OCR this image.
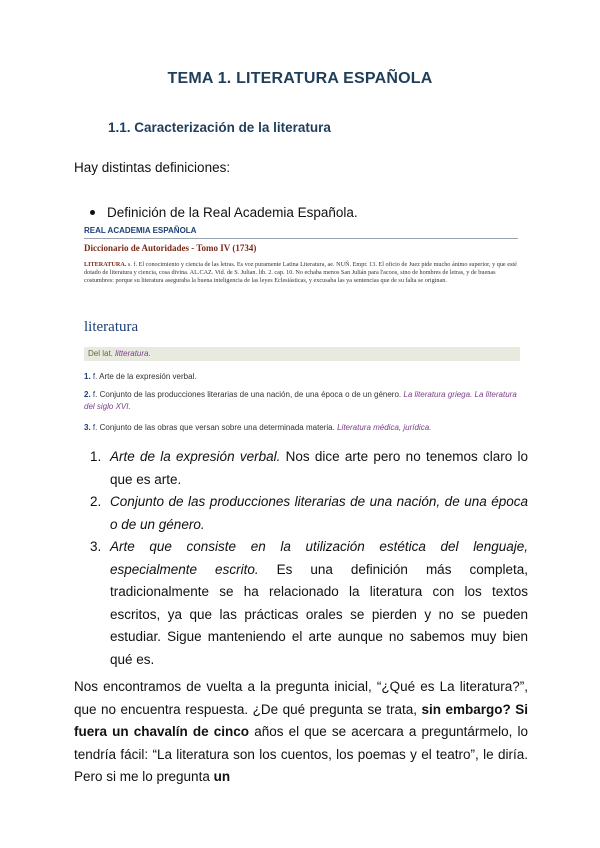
TEMA 1. LITERATURA ESPAÑOLA
1.1. Caracterización de la literatura
Hay distintas definiciones:
Definición de la Real Academia Española.
REAL ACADEMIA ESPAÑOLA
Diccionario de Autoridades - Tomo IV (1734)
LITERATURA. s. f. El conocimiento y ciencia de las letras. Es voz puramente Latina Literatura, ae. NUÑ. Empr. 13. El oficio de Juez pide mucho ánimo superior, y que esté dotado de literatura y ciencia, cosa divina. AL.CAZ. Vid. de S. Julian. lib. 2. cap. 10. No echaba menos San Julián para l'acoos, sino de hombres de letras, y de buenas costumbres: porque su literatura aseguraba la buena inteligencia de las leyes Eclesiásticas, y excusaba las ya sentencias que de su falta se originan.
literatura
Del lat. litteratura.
1. f. Arte de la expresión verbal.
2. f. Conjunto de las producciones literarias de una nación, de una época o de un género. La literatura griega. La literatura del siglo XVI.
3. f. Conjunto de las obras que versan sobre una determinada materia. Literatura médica, jurídica.
1. Arte de la expresión verbal. Nos dice arte pero no tenemos claro lo que es arte.
2. Conjunto de las producciones literarias de una nación, de una época o de un género.
3. Arte que consiste en la utilización estética del lenguaje, especialmente escrito. Es una definición más completa, tradicionalmente se ha relacionado la literatura con los textos escritos, ya que las prácticas orales se pierden y no se pueden estudiar. Sigue manteniendo el arte aunque no sabemos muy bien qué es.
Nos encontramos de vuelta a la pregunta inicial, “¿Qué es La literatura?”, que no encuentra respuesta. ¿De qué pregunta se trata, sin embargo? Si fuera un chavalín de cinco años el que se acercara a preguntármelo, lo tendría fácil: “La literatura son los cuentos, los poemas y el teatro”, le diría. Pero si me lo pregunta un
